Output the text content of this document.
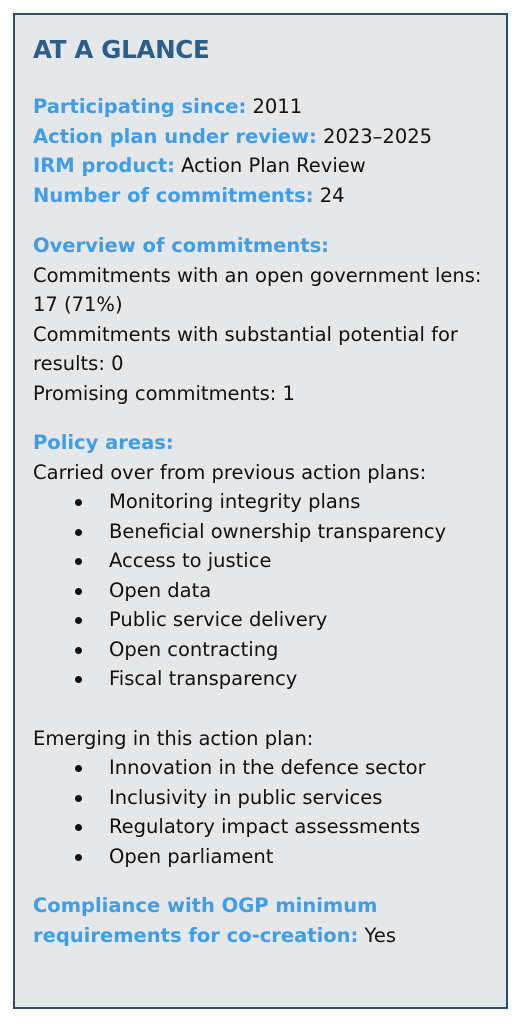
AT A GLANCE
Participating since: 2011
Action plan under review: 2023–2025
IRM product: Action Plan Review
Number of commitments: 24
Overview of commitments:
Commitments with an open government lens: 17 (71%)
Commitments with substantial potential for results: 0
Promising commitments: 1
Policy areas:
Carried over from previous action plans:
Monitoring integrity plans
Beneficial ownership transparency
Access to justice
Open data
Public service delivery
Open contracting
Fiscal transparency
Emerging in this action plan:
Innovation in the defence sector
Inclusivity in public services
Regulatory impact assessments
Open parliament
Compliance with OGP minimum requirements for co-creation: Yes
